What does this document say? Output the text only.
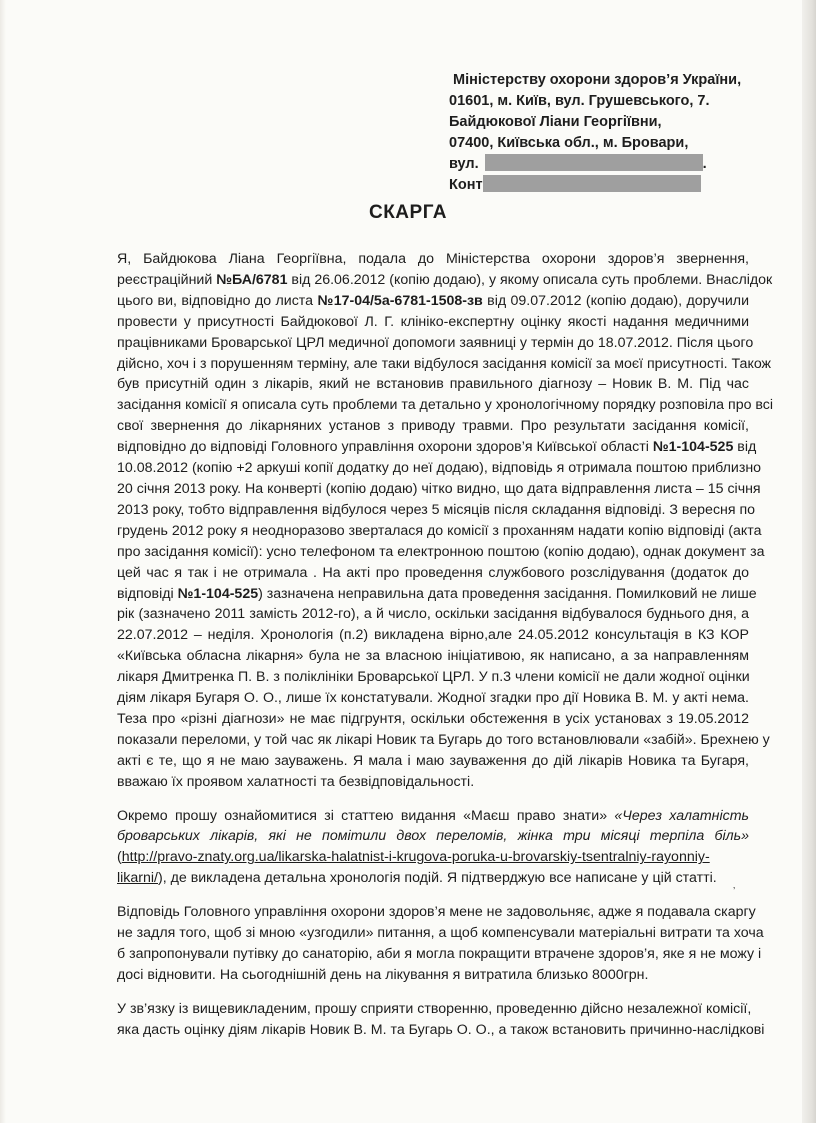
Міністерству охорони здоров’я України,
01601, м. Київ, вул. Грушевського, 7.
Байдюкової Ліани Георгіївни,
07400, Київська обл., м. Бровари,
вул.	.
Конт
СКАРГА
Я, Байдюкова Ліана Георгіївна, подала до Міністерства охорони здоров’я звернення,
реєстраційний №БА/6781 від 26.06.2012 (копію додаю), у якому описала суть проблеми. Внаслідок
цього ви, відповідно до листа №17-04/5а-6781-1508-зв від 09.07.2012 (копію додаю), доручили
провести у присутності Байдюкової Л. Г. клініко-експертну оцінку якості надання медичними
працівниками Броварської ЦРЛ медичної допомоги заявниці у термін до 18.07.2012. Після цього
дійсно, хоч і з порушенням терміну, але таки відбулося засідання комісії за моєї присутності. Також
був присутній один з лікарів, який не встановив правильного діагнозу – Новик В. М. Під час
засідання комісії я описала суть проблеми та детально у хронологічному порядку розповіла про всі
свої звернення до лікарняних установ з приводу травми. Про результати засідання комісії,
відповідно до відповіді Головного управління охорони здоров’я Київської області №1-104-525 від
10.08.2012 (копію +2 аркуші копії додатку до неї додаю), відповідь я отримала поштою приблизно
20 січня 2013 року. На конверті (копію додаю) чітко видно, що дата відправлення листа – 15 січня
2013 року, тобто відправлення відбулося через 5 місяців після складання відповіді. З вересня по
грудень 2012 року я неодноразово зверталася до комісії з проханням надати копію відповіді (акта
про засідання комісії): усно телефоном та електронною поштою (копію додаю), однак документ за
цей час я так і не отримала . На акті про проведення службового розслідування (додаток до
відповіді №1-104-525) зазначена неправильна дата проведення засідання. Помилковий не лише
рік (зазначено 2011 замість 2012-го), а й число, оскільки засідання відбувалося буднього дня, а
22.07.2012 – неділя. Хронологія (п.2) викладена вірно,але 24.05.2012 консультація в КЗ КОР
«Київська обласна лікарня» була не за власною ініціативою, як написано, а за направленням
лікаря Дмитренка П. В. з поліклініки Броварської ЦРЛ. У п.3 члени комісії не дали жодної оцінки
діям лікаря Бугаря О. О., лише їх констатували. Жодної згадки про дії Новика В. М. у акті нема.
Теза про «різні діагнози» не має підгрунтя, оскільки обстеження в усіх установах з 19.05.2012
показали переломи, у той час як лікарі Новик та Бугарь до того встановлювали «забій». Брехнею у
акті є те, що я не маю зауважень. Я мала і маю зауваження до дій лікарів Новика та Бугаря,
вважаю їх проявом халатності та безвідповідальності.
Окремо прошу ознайомитися зі статтею видання «Маєш право знати» «Через халатність
броварських лікарів, які не помітили двох переломів, жінка три місяці терпіла біль»
(http://pravo-znaty.org.ua/likarska-halatnist-i-krugova-poruka-u-brovarskiy-tsentralniy-rayonniy-
likarni/), де викладена детальна хронологія подій. Я підтверджую все написане у цій статті.
Відповідь Головного управління охорони здоров’я мене не задовольняє, адже я подавала скаргу
не задля того, щоб зі мною «узгодили» питання, а щоб компенсували матеріальні витрати та хоча
б запропонували путівку до санаторію, аби я могла покращити втрачене здоров’я, яке я не можу і
досі відновити. На сьогоднішній день на лікування я витратила близько 8000грн.
У зв’язку із вищевикладеним, прошу сприяти створенню, проведенню дійсно незалежної комісії,
яка дасть оцінку діям лікарів Новик В. М. та Бугарь О. О., а також встановить причинно-наслідкові
’
